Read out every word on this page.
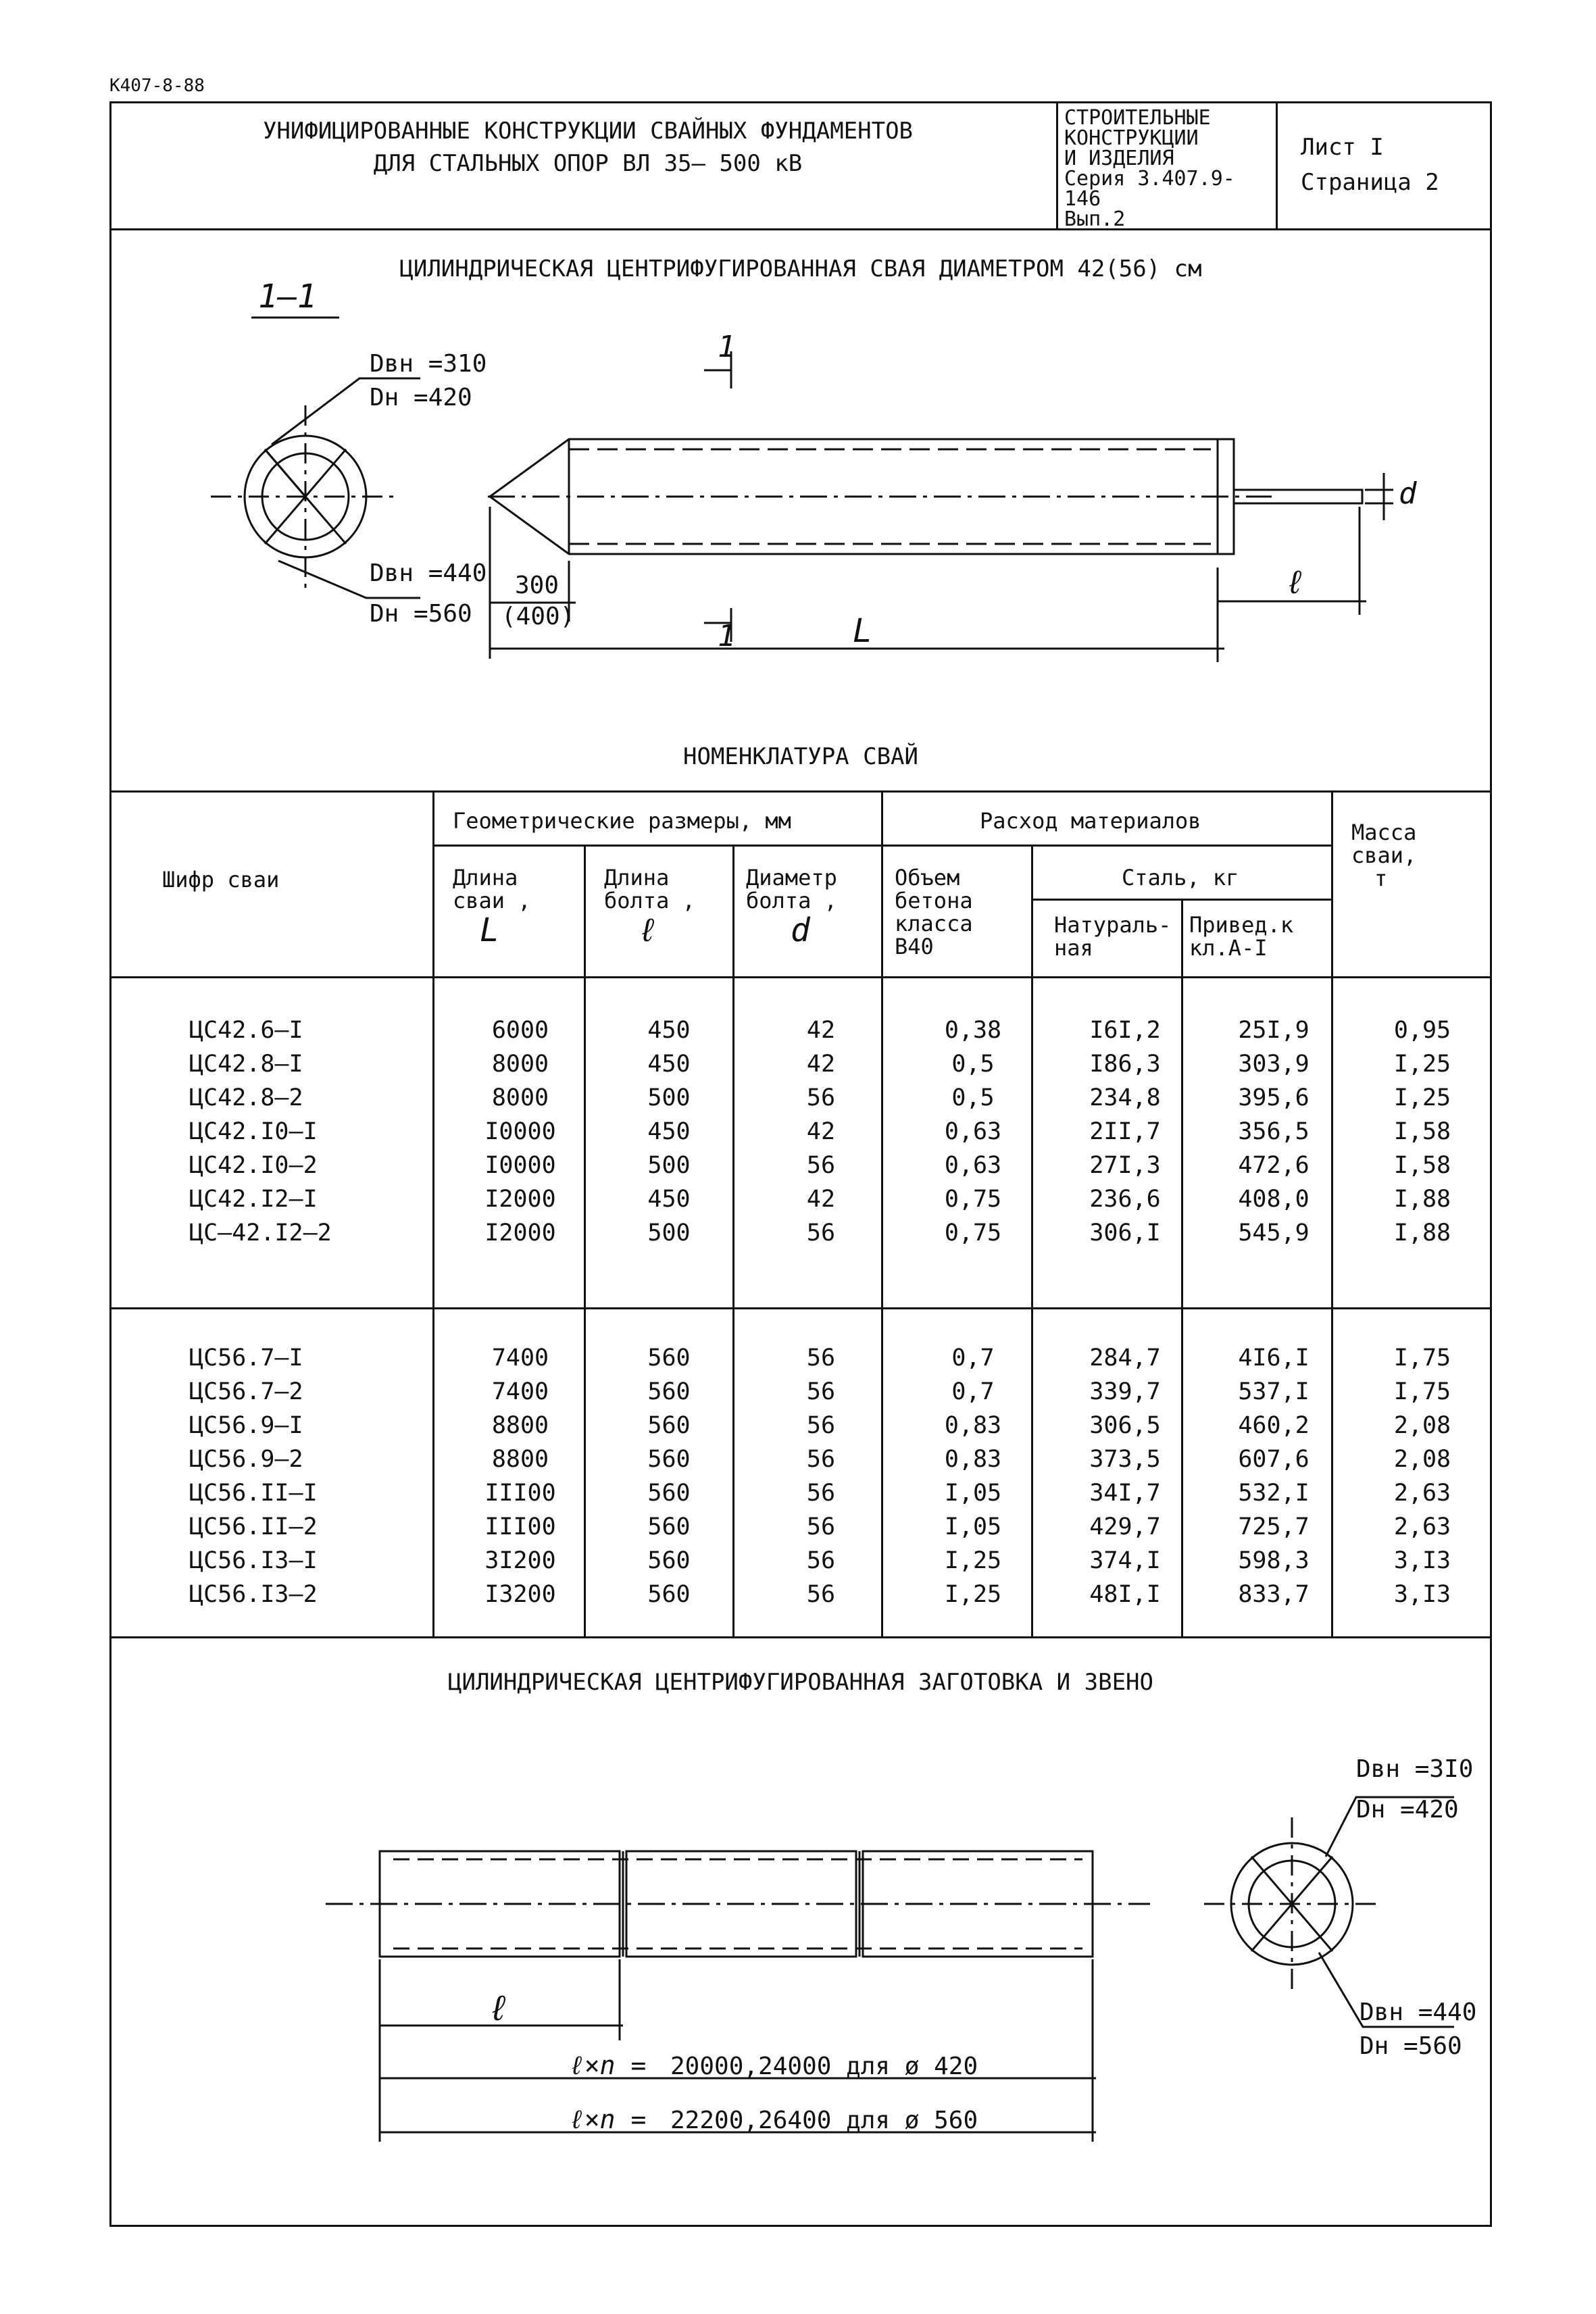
К407-8-88
УНИФИЦИРОВАННЫЕ КОНСТРУКЦИИ СВАЙНЫХ ФУНДАМЕНТОВ
ДЛЯ СТАЛЬНЫХ ОПОР ВЛ 35– 500 кВ
СТРОИТЕЛЬНЫЕ
КОНСТРУКЦИИ
И ИЗДЕЛИЯ
Серия 3.407.9-146
Вып.2
Лист I
Страница 2
ЦИЛИНДРИЧЕСКАЯ ЦЕНТРИФУГИРОВАННАЯ СВАЯ ДИАМЕТРОМ 42(56) см
1—1
Dвн =310
Dн =420
Dвн =440
Dн =560
300
(400)
1
1	L
ℓ
d
НОМЕНКЛАТУРА СВАЙ
Шифр сваи
Геометрические размеры, мм	Расход материалов	Масса
сваи,
т
Длина
сваи ,
L
Длина
болта ,
ℓ
Диаметр
болта ,
d
Объем
бетона
класса
В40
Сталь, кг
Натураль-
ная
Привед.к
кл.А-I
ЦС42.6–I	6000	450	42	0,38	I6I,2	25I,9	0,95
ЦС42.8–I	8000	450	42	0,5	I86,3	303,9	I,25
ЦС42.8–2	8000	500	56	0,5	234,8	395,6	I,25
ЦС42.I0–I	I0000	450	42	0,63	2II,7	356,5	I,58
ЦС42.I0–2	I0000	500	56	0,63	27I,3	472,6	I,58
ЦС42.I2–I	I2000	450	42	0,75	236,6	408,0	I,88
ЦС–42.I2–2	I2000	500	56	0,75	306,I	545,9	I,88
ЦС56.7–I	7400	560	56	0,7	284,7	4I6,I	I,75
ЦС56.7–2	7400	560	56	0,7	339,7	537,I	I,75
ЦС56.9–I	8800	560	56	0,83	306,5	460,2	2,08
ЦС56.9–2	8800	560	56	0,83	373,5	607,6	2,08
ЦС56.II–I	III00	560	56	I,05	34I,7	532,I	2,63
ЦС56.II–2	III00	560	56	I,05	429,7	725,7	2,63
ЦС56.I3–I	3I200	560	56	I,25	374,I	598,3	3,I3
ЦС56.I3–2	I3200	560	56	I,25	48I,I	833,7	3,I3
ЦИЛИНДРИЧЕСКАЯ ЦЕНТРИФУГИРОВАННАЯ ЗАГОТОВКА И ЗВЕНО
Dвн =3I0
Dн =420
Dвн =440
Dн =560
ℓ
ℓ×n = 20000,24000 для ø 420
ℓ×n = 22200,26400 для ø 560
